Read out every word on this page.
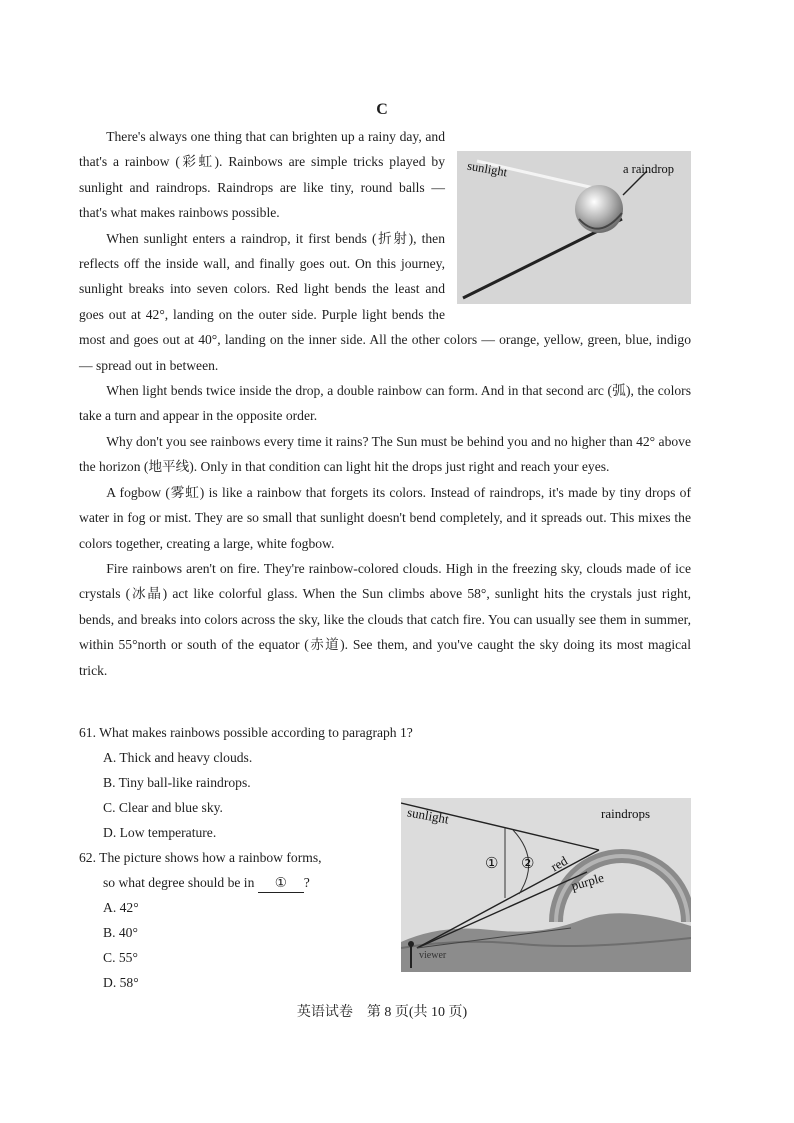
C
sunlight	a raindrop

There's always one thing that can brighten up a rainy day, and that's a rainbow (彩虹). Rainbows are simple tricks played by sunlight and raindrops. Raindrops are like tiny, round balls — that's what makes rainbows possible.

When sunlight enters a raindrop, it first bends (折射), then reflects off the inside wall, and finally goes out. On this journey, sunlight breaks into seven colors. Red light bends the least and goes out at 42°, landing on the outer side. Purple light bends the most and goes out at 40°, landing on the inner side. All the other colors — orange, yellow, green, blue, indigo — spread out in between.

When light bends twice inside the drop, a double rainbow can form. And in that second arc (弧), the colors take a turn and appear in the opposite order.

Why don't you see rainbows every time it rains? The Sun must be behind you and no higher than 42° above the horizon (地平线). Only in that condition can light hit the drops just right and reach your eyes.

A fogbow (雾虹) is like a rainbow that forgets its colors. Instead of raindrops, it's made by tiny drops of water in fog or mist. They are so small that sunlight doesn't bend completely, and it spreads out. This mixes the colors together, creating a large, white fogbow.

Fire rainbows aren't on fire. They're rainbow-colored clouds. High in the freezing sky, clouds made of ice crystals (冰晶) act like colorful glass. When the Sun climbs above 58°, sunlight hits the crystals just right, bends, and breaks into colors across the sky, like the clouds that catch fire. You can usually see them in summer, within 55°north or south of the equator (赤道). See them, and you've caught the sky doing its most magical trick.

61. What makes rainbows possible according to paragraph 1?

A. Thick and heavy clouds.

B. Tiny ball-like raindrops.

C. Clear and blue sky.

D. Low temperature.

62. The picture shows how a rainbow forms,

so what degree should be in ① ?

A. 42°

B. 40°

C. 55°

D. 58°

sunlight	raindrops
① ② red
purple
viewer
英语试卷　第 8 页(共 10 页)
